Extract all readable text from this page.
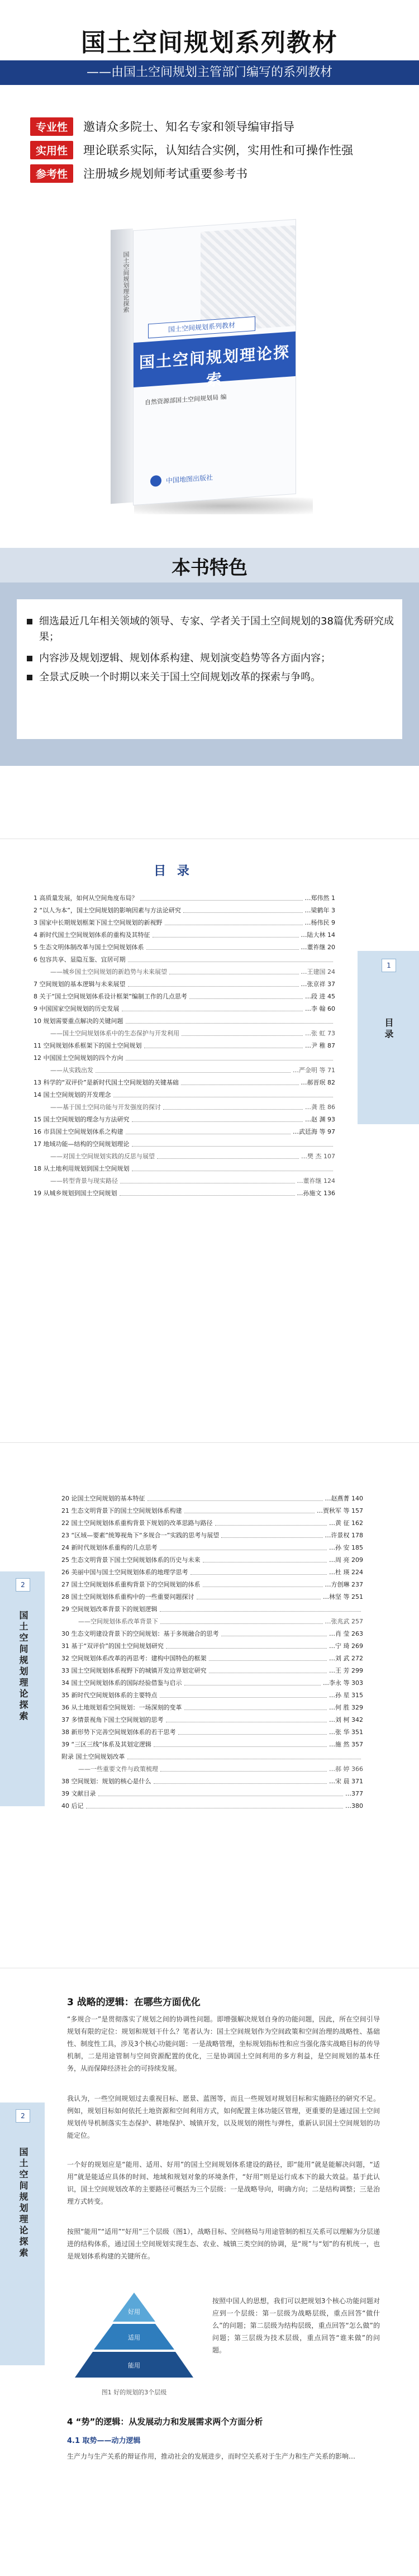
国土空间规划系列教材
——由国土空间规划主管部门编写的系列教材
专业性	邀请众多院士、知名专家和领导编审指导
实用性	理论联系实际，认知结合实例，实用性和可操作性强
参考性	注册城乡规划师考试重要参考书
国土空间规划理论探索
国土空间规划系列教材
国土空间规划理论探索
自然资源部国土空间规划局 编
中国地图出版社
本书特色
细选最近几年相关领域的领导、专家、学者关于国土空间规划的38篇优秀研究成果；
内容涉及规划逻辑、规划体系构建、规划演变趋势等各方面内容；
全景式反映一个时期以来关于国土空间规划改革的探索与争鸣。
目 录
1 高质量发展，如何从空间角度布局？	…郑伟然 1
2 “以人为本”，国土空间规划的影响因素与方法论研究	…梁鹤年 3
3 国家中长期规划框架下国土空间规划的新视野	…杨伟民 9
4 新时代国土空间规划体系的重构及其特征	…陆大林 14
5 生态文明体制改革与国土空间规划体系	…董祚继 20
6 包容共享、显隐互鉴、宜居可期
——城乡国土空间规划的新趋势与未来展望	…王建国 24
7 空间规划的基本逻辑与未来展望	…张京祥 37
8 关于“国土空间规划体系设计框架”编制工作的几点思考	…段 进 45
9 中国国家空间规划的历史发展	…李 翰 60
10 规划需要重点解决的关键问题
——国土空间规划体系中的生态保护与开发利用	…张 虹 73
11 空间规划体系框架下的国土空间规划	…尹 稚 87
12 中国国土空间规划的四个方向
——从实践出发	…严金明 等 71
13 科学的“双评价”是新时代国土空间规划的关键基础	…郝晋珉 82
14 国土空间规划的开发理念
——基于国土空间功能与开发强度的探讨	…龚 胜 86
15 国土空间规划的理念与方法研究	…赵 渊 93
16 市县国土空间规划体系之构建	…武廷海 等 97
17 地域功能—结构的空间规划理论
——对国土空间规划实践的反思与展望	…樊 杰 107
18 从土地利用规划到国土空间规划
——转型背景与现实路径	…董祚继 124
19 从城乡规划到国土空间规划	…孙施文 136
1
目录
2
国土空间规划理论探索
20 论国土空间规划的基本特征	…赵燕菁 140
21 生态文明背景下的国土空间规划体系构建	…贾秋军 等 157
22 国土空间规划体系重构背景下规划的改革思路与路径	…黄 征 162
23 “区域—要素”统筹视角下“多规合一”实践的思考与展望	…许景权 178
24 新时代规划体系重构的几点思考	…孙 安 185
25 生态文明背景下国土空间规划体系的历史与未来	…周 亮 209
26 美丽中国与国土空间规划体系的地理学思考	…杜 瑛 224
27 国土空间规划体系重构背景下的空间规划的体系	…方创琳 237
28 国土空间规划体系重构中的一些重要问题探讨	…林坚 等 251
29 空间规划改革背景下的规划逻辑
——空间规划体系改革背景下	…张兆武 257
30 生态文明建设背景下的空间规划：基于多规融合的思考	…肖 莹 263
31 基于“双评价”的国土空间规划研究	…宁 琦 269
32 空间规划体系改革的再思考：建构中国特色的框架	…刘 武 272
33 国土空间规划体系视野下的城镇开发边界划定研究	…王 芳 299
34 国土空间规划体系的国际经验借鉴与启示	…李永 等 303
35 新时代空间规划体系的主要特点	…孙 星 315
36 从土地规划看空间规划：一场深刻的变革	…何 胜 329
37 多情景视角下国土空间规划的思考	…刘 柯 342
38 新形势下完善空间规划体系的若干思考	…张 华 351
39 “三区三线”体系及其划定逻辑	…施 然 357
附录 国土空间规划改革
——一些重要文件与政策梳理	…郝 婷 366
38 空间规划：规划的核心是什么	…宋 晨 371
39 文献目录	…377
40 后记	…380
2
国土空间规划理论探索
3 战略的逻辑：在哪些方面优化
“多规合一”是贯彻落实了规划之间的协调性问题。即增强解决规划自身的功能问题，因此，所在空间引导规划有限的定位：规划和规划干什么？笔者认为：国土空间规划作为空间政策和空间治理的战略性、基础性、制度性工具，涉及3个核心功能问题：一是战略管理，坐标规划指标性和应当强化落实战略目标的传导机制，二是用途管制与空间资源配置的优化，三是协调国土空间利用的多方利益，是空间规划的基本任务，从而保障经济社会的可持续发展。
我认为，一些空间规划过去重视目标、愿景、蓝图等，而且一些规划对规划目标和实施路径的研究不足。例如，规划目标如何依托土地资源和空间利用方式，如何配置主体功能区管理，更重要的是通过国土空间规划传导机制落实生态保护、耕地保护、城镇开发，以及规划的刚性与弹性，重新认识国土空间规划的功能定位。
一个好的规划应是“能用、适用、好用”的国土空间规划体系建设的路径，即“能用”就是能解决问题，“适用”就是能适应具体的时间、地域和规划对象的环境条件，“好用”则是运行成本下的最大效益。基于此认识，国土空间规划改革的主要路径可概括为三个层级：一是战略导向，明确方向；二是结构调整；三是治理方式转变。
按照“能用”“适用”“好用”三个层级（图1），战略目标、空间格局与用途管制的相互关系可以理解为分层递进的结构体系，通过国土空间规划实现生态、农业、城镇三类空间的协调，是“规”与“划”的有机统一，也是规划体系构建的关键所在。
好用
适用
能用
图1 好的规划的3个层级
按照中国人的思想，我们可以把规划3个核心功能问题对应到一个层级：第一层级为战略层级，重点回答“做什么”的问题；第二层级为结构层级，重点回答“怎么做”的问题；第三层级为技术层级，重点回答“谁来做”的问题。
4 “势”的逻辑：从发展动力和发展需求两个方面分析
4.1 取势——动力逻辑
生产力与生产关系的辩证作用，推动社会的发展进步，而时空关系对于生产力和生产关系的影响…
